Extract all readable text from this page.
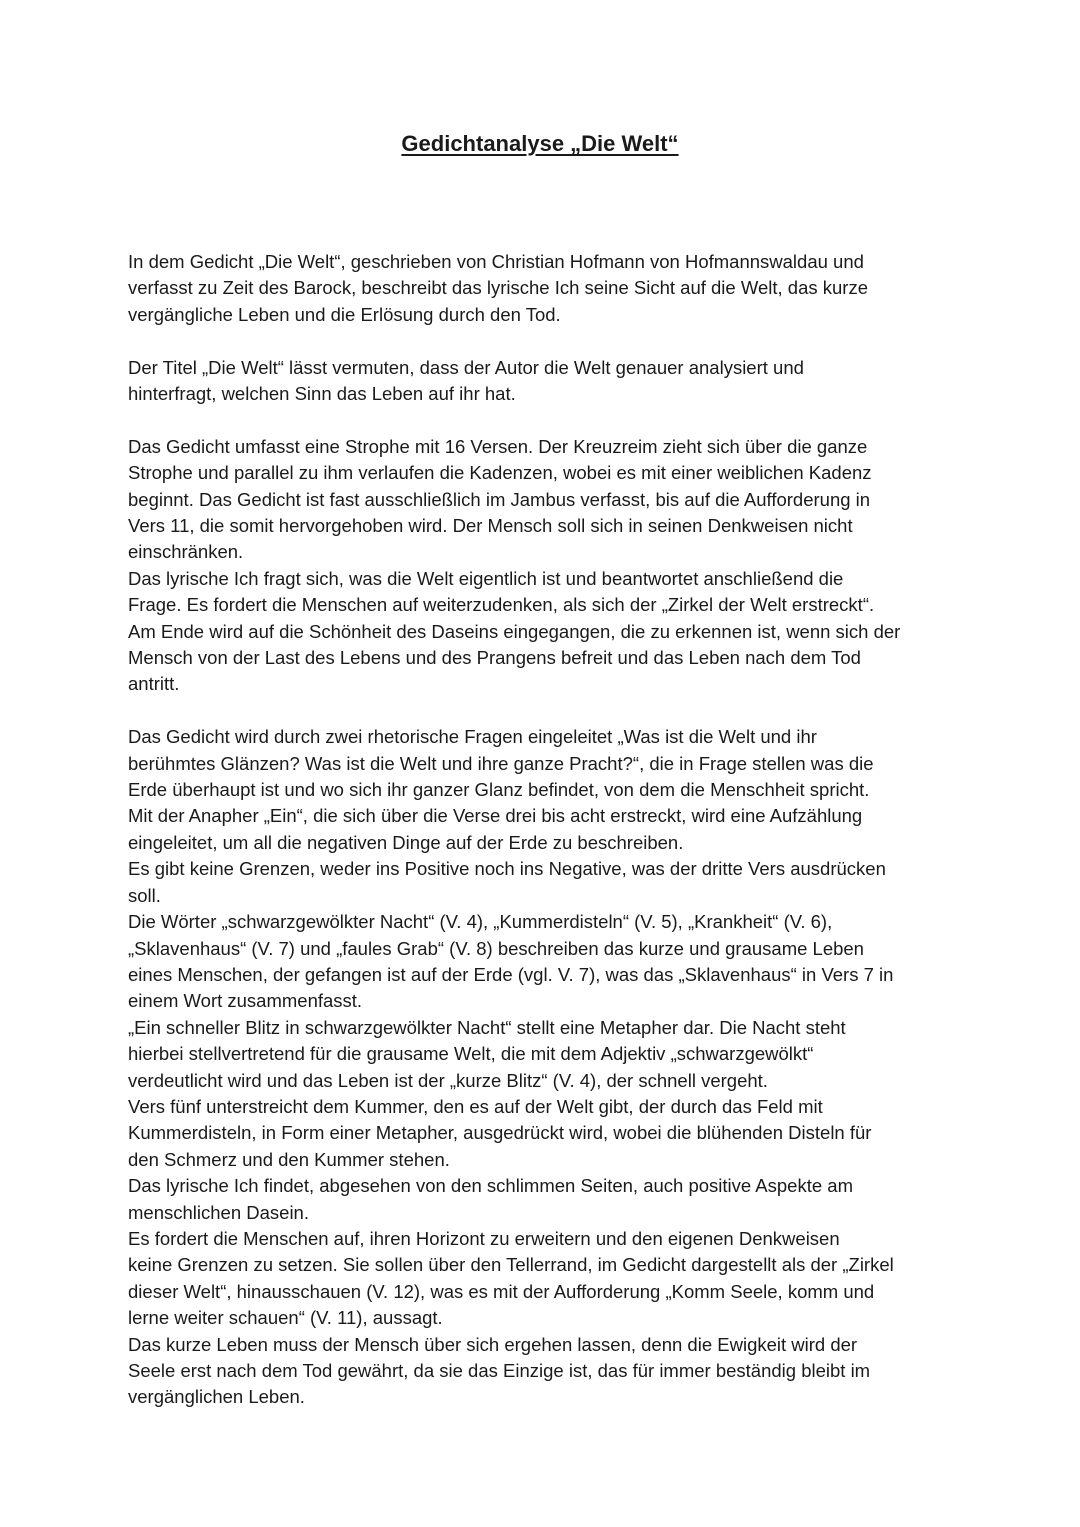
Gedichtanalyse „Die Welt“

In dem Gedicht „Die Welt“, geschrieben von Christian Hofmann von Hofmannswaldau und
verfasst zu Zeit des Barock, beschreibt das lyrische Ich seine Sicht auf die Welt, das kurze
vergängliche Leben und die Erlösung durch den Tod.

Der Titel „Die Welt“ lässt vermuten, dass der Autor die Welt genauer analysiert und
hinterfragt, welchen Sinn das Leben auf ihr hat.

Das Gedicht umfasst eine Strophe mit 16 Versen. Der Kreuzreim zieht sich über die ganze
Strophe und parallel zu ihm verlaufen die Kadenzen, wobei es mit einer weiblichen Kadenz
beginnt. Das Gedicht ist fast ausschließlich im Jambus verfasst, bis auf die Aufforderung in
Vers 11, die somit hervorgehoben wird. Der Mensch soll sich in seinen Denkweisen nicht
einschränken.

Das lyrische Ich fragt sich, was die Welt eigentlich ist und beantwortet anschließend die
Frage. Es fordert die Menschen auf weiterzudenken, als sich der „Zirkel der Welt erstreckt“.
Am Ende wird auf die Schönheit des Daseins eingegangen, die zu erkennen ist, wenn sich der
Mensch von der Last des Lebens und des Prangens befreit und das Leben nach dem Tod
antritt.

Das Gedicht wird durch zwei rhetorische Fragen eingeleitet „Was ist die Welt und ihr
berühmtes Glänzen? Was ist die Welt und ihre ganze Pracht?“, die in Frage stellen was die
Erde überhaupt ist und wo sich ihr ganzer Glanz befindet, von dem die Menschheit spricht.
Mit der Anapher „Ein“, die sich über die Verse drei bis acht erstreckt, wird eine Aufzählung
eingeleitet, um all die negativen Dinge auf der Erde zu beschreiben.

Es gibt keine Grenzen, weder ins Positive noch ins Negative, was der dritte Vers ausdrücken
soll.

Die Wörter „schwarzgewölkter Nacht“ (V. 4), „Kummerdisteln“ (V. 5), „Krankheit“ (V. 6),
„Sklavenhaus“ (V. 7) und „faules Grab“ (V. 8) beschreiben das kurze und grausame Leben
eines Menschen, der gefangen ist auf der Erde (vgl. V. 7), was das „Sklavenhaus“ in Vers 7 in
einem Wort zusammenfasst.

„Ein schneller Blitz in schwarzgewölkter Nacht“ stellt eine Metapher dar. Die Nacht steht
hierbei stellvertretend für die grausame Welt, die mit dem Adjektiv „schwarzgewölkt“
verdeutlicht wird und das Leben ist der „kurze Blitz“ (V. 4), der schnell vergeht.

Vers fünf unterstreicht dem Kummer, den es auf der Welt gibt, der durch das Feld mit
Kummerdisteln, in Form einer Metapher, ausgedrückt wird, wobei die blühenden Disteln für
den Schmerz und den Kummer stehen.

Das lyrische Ich findet, abgesehen von den schlimmen Seiten, auch positive Aspekte am
menschlichen Dasein.

Es fordert die Menschen auf, ihren Horizont zu erweitern und den eigenen Denkweisen
keine Grenzen zu setzen. Sie sollen über den Tellerrand, im Gedicht dargestellt als der „Zirkel
dieser Welt“, hinausschauen (V. 12), was es mit der Aufforderung „Komm Seele, komm und
lerne weiter schauen“ (V. 11), aussagt.

Das kurze Leben muss der Mensch über sich ergehen lassen, denn die Ewigkeit wird der
Seele erst nach dem Tod gewährt, da sie das Einzige ist, das für immer beständig bleibt im
vergänglichen Leben.
